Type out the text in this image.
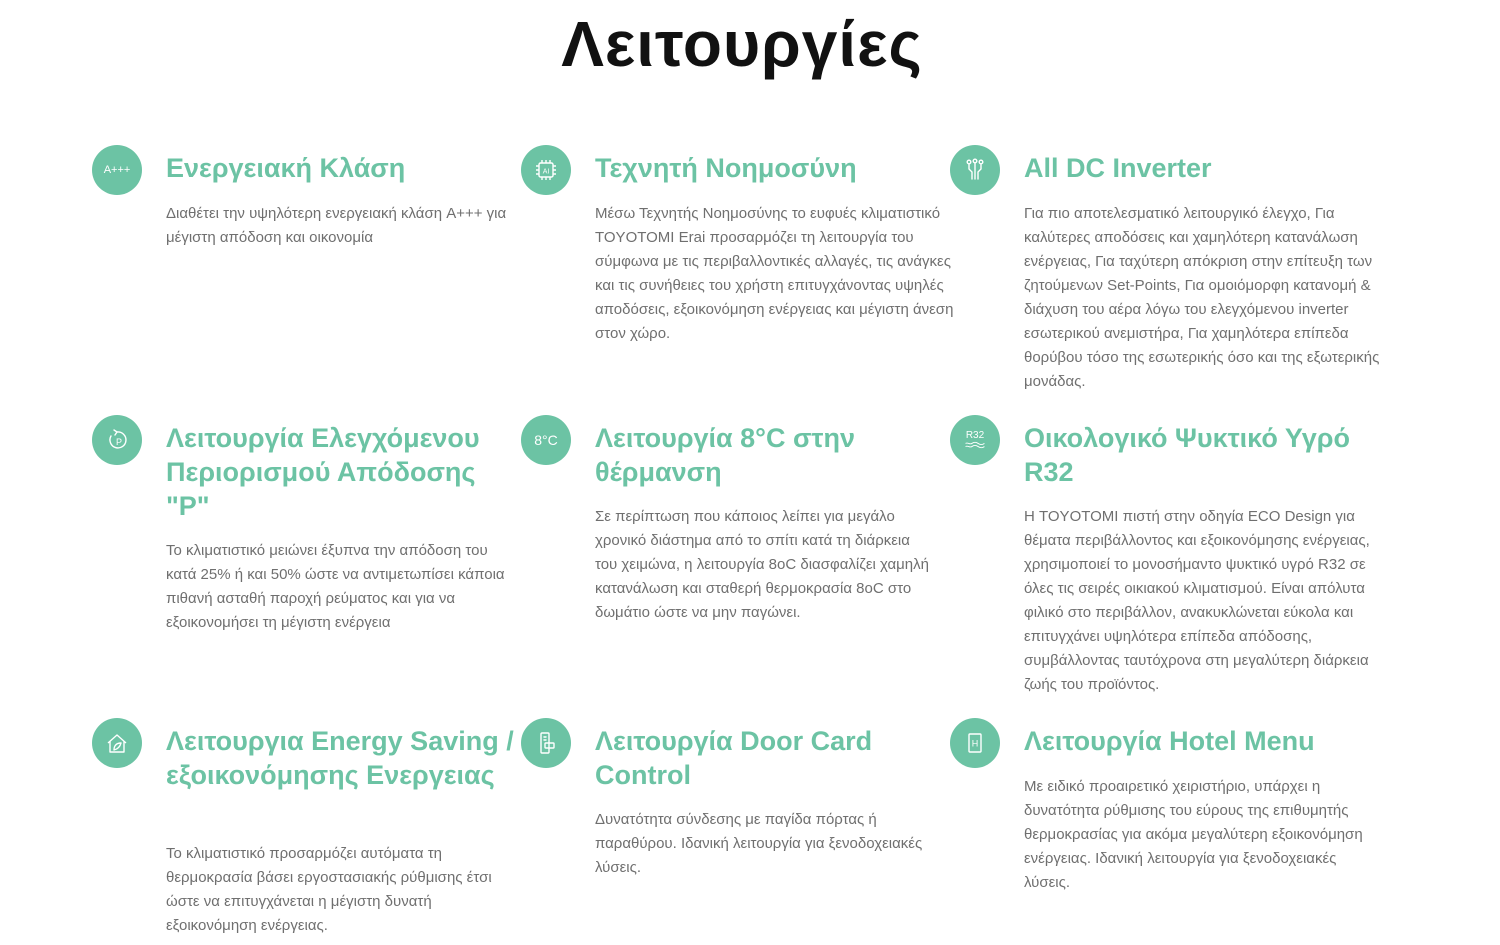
Λειτουργίες
A+++ Ενεργειακή Κλάση

Διαθέτει την υψηλότερη ενεργειακή κλάση A+++ για μέγιστη απόδοση και οικονομία

AI Τεχνητή Νοημοσύνη

Μέσω Τεχνητής Νοημοσύνης το ευφυές κλιματιστικό TOYOTOMI Erai προσαρμόζει τη λειτουργία του σύμφωνα με τις περιβαλλοντικές αλλαγές, τις ανάγκες και τις συνήθειες του χρήστη επιτυγχάνοντας υψηλές αποδόσεις, εξοικονόμηση ενέργειας και μέγιστη άνεση στον χώρο.

All DC Inverter

Για πιο αποτελεσματικό λειτουργικό έλεγχο, Για καλύτερες αποδόσεις και χαμηλότερη κατανάλωση ενέργειας, Για ταχύτερη απόκριση στην επίτευξη των ζητούμενων Set-Points, Για ομοιόμορφη κατανομή & διάχυση του αέρα λόγω του ελεγχόμενου inverter εσωτερικού ανεμιστήρα, Για χαμηλότερα επίπεδα θορύβου τόσο της εσωτερικής όσο και της εξωτερικής μονάδας.

P Λειτουργία Ελεγχόμενου Περιορισμού Απόδοσης "P"

Το κλιματιστικό μειώνει έξυπνα την απόδοση του κατά 25% ή και 50% ώστε να αντιμετωπίσει κάποια πιθανή ασταθή παροχή ρεύματος και για να εξοικονομήσει τη μέγιστη ενέργεια

8°C Λειτουργία 8°C στην θέρμανση

Σε περίπτωση που κάποιος λείπει για μεγάλο χρονικό διάστημα από το σπίτι κατά τη διάρκεια του χειμώνα, η λειτουργία 8oC διασφαλίζει χαμηλή κατανάλωση και σταθερή θερμοκρασία 8oC στο δωμάτιο ώστε να μην παγώνει.

R32 Οικολογικό Ψυκτικό Υγρό R32

Η TOYOTOMI πιστή στην οδηγία ECO Design για θέματα περιβάλλοντος και εξοικονόμησης ενέργειας, χρησιμοποιεί το μονοσήμαντο ψυκτικό υγρό R32 σε όλες τις σειρές οικιακού κλιματισμού. Είναι απόλυτα φιλικό στο περιβάλλον, ανακυκλώνεται εύκολα και επιτυγχάνει υψηλότερα επίπεδα απόδοσης, συμβάλλοντας ταυτόχρονα στη μεγαλύτερη διάρκεια ζωής του προϊόντος.

Λειτουργια Energy Saving / εξοικονόμησης Ενεργειας

Το κλιματιστικό προσαρμόζει αυτόματα τη θερμοκρασία βάσει εργοστασιακής ρύθμισης έτσι ώστε να επιτυγχάνεται η μέγιστη δυνατή εξοικονόμηση ενέργειας.

Λειτουργία Door Card Control

Δυνατότητα σύνδεσης με παγίδα πόρτας ή παραθύρου. Ιδανική λειτουργία για ξενοδοχειακές λύσεις.

H Λειτουργία Hotel Menu

Με ειδικό προαιρετικό χειριστήριο, υπάρχει η δυνατότητα ρύθμισης του εύρους της επιθυμητής θερμοκρασίας για ακόμα μεγαλύτερη εξοικονόμηση ενέργειας. Ιδανική λειτουργία για ξενοδοχειακές λύσεις.
